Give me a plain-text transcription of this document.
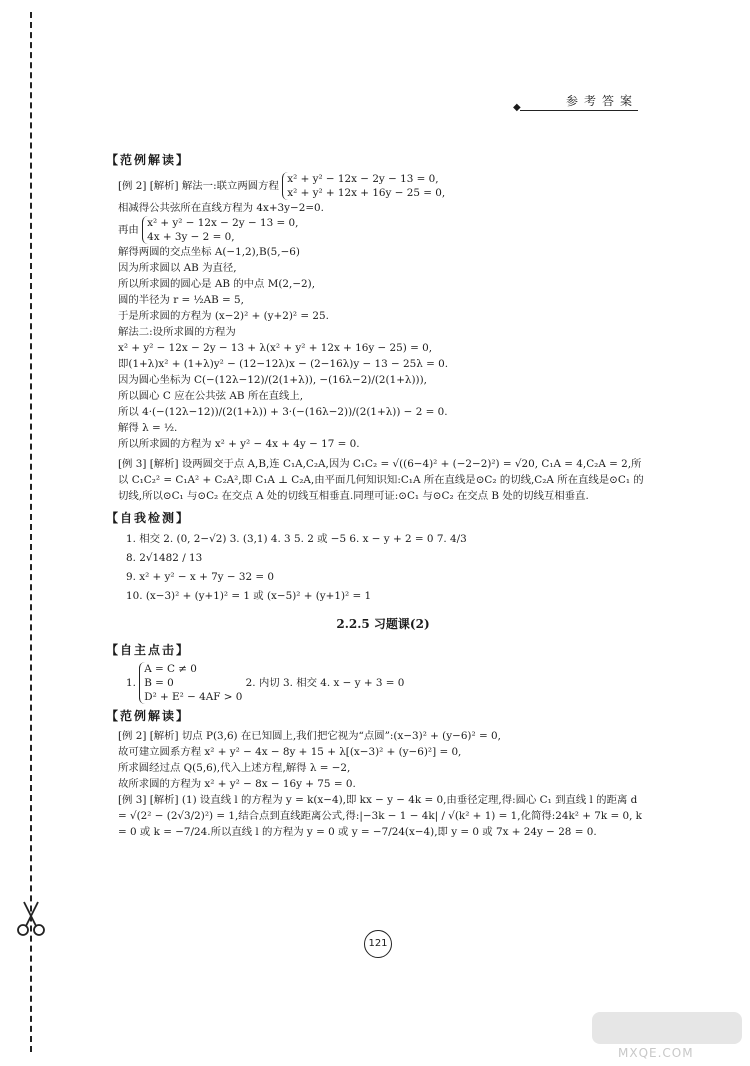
参考答案
◆
【范例解读】
[例 2] [解析] 解法一:联立两圆方程 x² + y² − 12x − 2y − 13 = 0,
x² + y² + 12x + 16y − 25 = 0,
相减得公共弦所在直线方程为 4x+3y−2=0.
再由 x² + y² − 12x − 2y − 13 = 0,
4x + 3y − 2 = 0,
解得两圆的交点坐标 A(−1,2),B(5,−6)
因为所求圆以 AB 为直径,
所以所求圆的圆心是 AB 的中点 M(2,−2),
圆的半径为 r = ½AB = 5,
于是所求圆的方程为 (x−2)² + (y+2)² = 25.
解法二:设所求圆的方程为
x² + y² − 12x − 2y − 13 + λ(x² + y² + 12x + 16y − 25) = 0,
即(1+λ)x² + (1+λ)y² − (12−12λ)x − (2−16λ)y − 13 − 25λ = 0.
因为圆心坐标为 C(−(12λ−12)/(2(1+λ)), −(16λ−2)/(2(1+λ))),
所以圆心 C 应在公共弦 AB 所在直线上,
所以 4·(−(12λ−12))/(2(1+λ)) + 3·(−(16λ−2))/(2(1+λ)) − 2 = 0.
解得 λ = ½.
所以所求圆的方程为 x² + y² − 4x + 4y − 17 = 0.
[例 3] [解析] 设两圆交于点 A,B,连 C₁A,C₂A,因为 C₁C₂ = √((6−4)² + (−2−2)²) = √20, C₁A = 4,C₂A = 2,所以 C₁C₂² = C₁A² + C₂A²,即 C₁A ⊥ C₂A,由平面几何知识知:C₁A 所在直线是⊙C₂ 的切线,C₂A 所在直线是⊙C₁ 的切线,所以⊙C₁ 与⊙C₂ 在交点 A 处的切线互相垂直.同理可证:⊙C₁ 与⊙C₂ 在交点 B 处的切线互相垂直.
【自我检测】
1. 相交 2. (0, 2−√2) 3. (3,1) 4. 3 5. 2 或 −5 6. x − y + 2 = 0 7. 4/3
8. 2√1482 / 13
9. x² + y² − x + 7y − 32 = 0
10. (x−3)² + (y+1)² = 1 或 (x−5)² + (y+1)² = 1
2.2.5 习题课(2)
【自主点击】
1. A = C ≠ 0
B = 0
D² + E² − 4AF > 0 2. 内切 3. 相交 4. x − y + 3 = 0
【范例解读】
[例 2] [解析] 切点 P(3,6) 在已知圆上,我们把它视为“点圆”:(x−3)² + (y−6)² = 0,
故可建立圆系方程 x² + y² − 4x − 8y + 15 + λ[(x−3)² + (y−6)²] = 0,
所求圆经过点 Q(5,6),代入上述方程,解得 λ = −2,
故所求圆的方程为 x² + y² − 8x − 16y + 75 = 0.
[例 3] [解析] (1) 设直线 l 的方程为 y = k(x−4),即 kx − y − 4k = 0,由垂径定理,得:圆心 C₁ 到直线 l 的距离 d = √(2² − (2√3/2)²) = 1,结合点到直线距离公式,得:|−3k − 1 − 4k| / √(k² + 1) = 1,化简得:24k² + 7k = 0, k = 0 或 k = −7/24.所以直线 l 的方程为 y = 0 或 y = −7/24(x−4),即 y = 0 或 7x + 24y − 28 = 0.
121
MXQE.COM
